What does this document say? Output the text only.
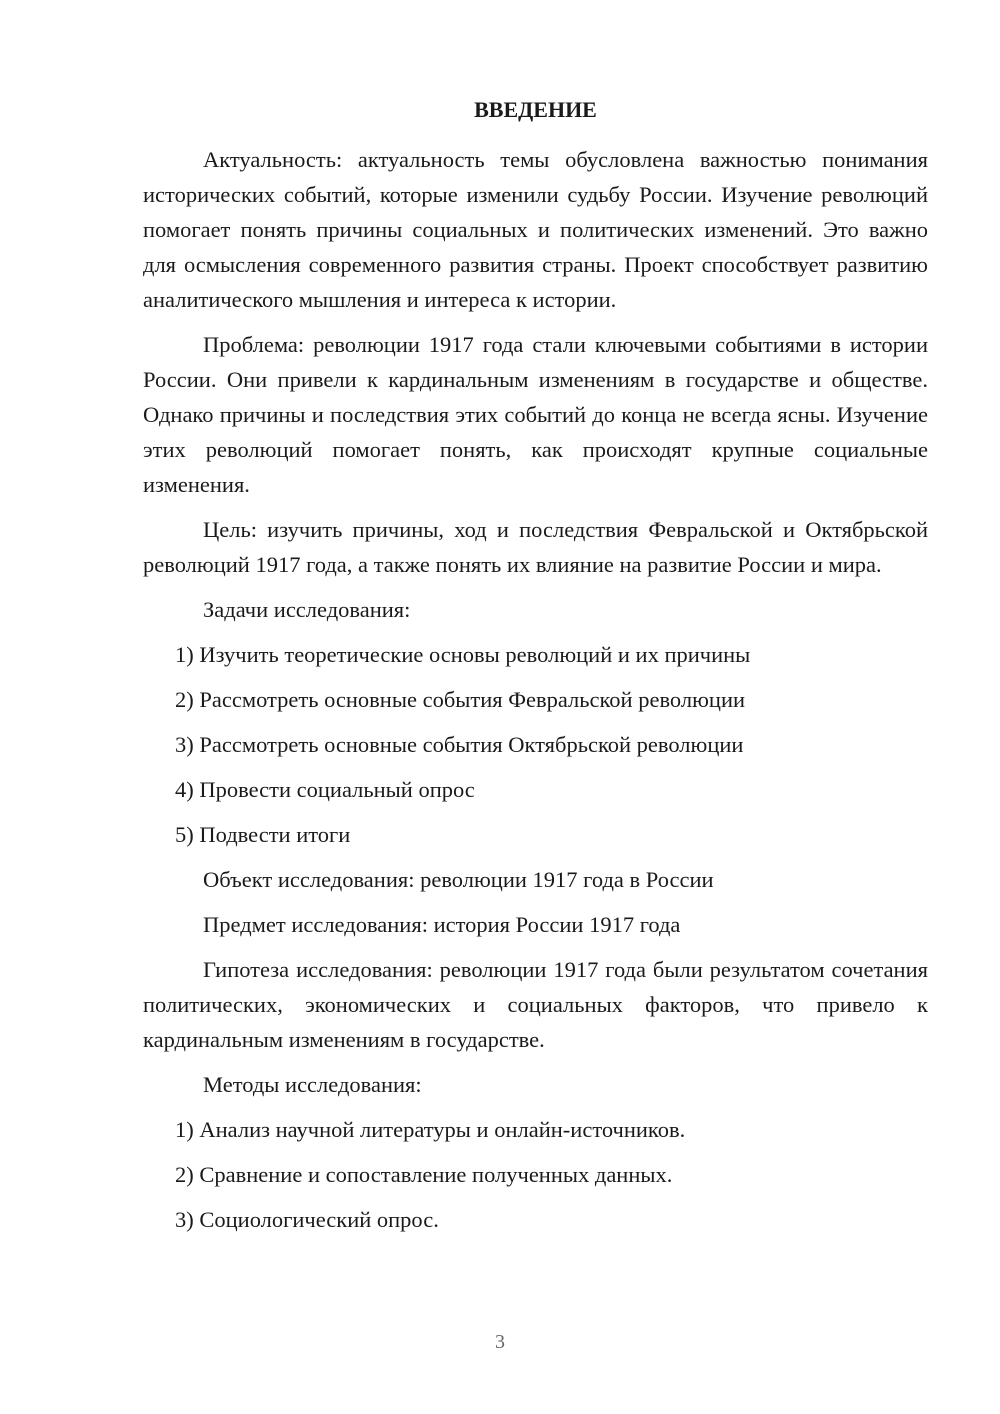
ВВЕДЕНИЕ

Актуальность: актуальность темы обусловлена важностью понимания исторических событий, которые изменили судьбу России. Изучение революций помогает понять причины социальных и политических изменений. Это важно для осмысления современного развития страны. Проект способствует развитию аналитического мышления и интереса к истории.

Проблема: революции 1917 года стали ключевыми событиями в истории России. Они привели к кардинальным изменениям в государстве и обществе. Однако причины и последствия этих событий до конца не всегда ясны. Изучение этих революций помогает понять, как происходят крупные социальные изменения.

Цель: изучить причины, ход и последствия Февральской и Октябрьской революций 1917 года, а также понять их влияние на развитие России и мира.

Задачи исследования:

1) Изучить теоретические основы революций и их причины

2) Рассмотреть основные события Февральской революции

3) Рассмотреть основные события Октябрьской революции

4) Провести социальный опрос

5) Подвести итоги

Объект исследования: революции 1917 года в России

Предмет исследования: история России 1917 года

Гипотеза исследования: революции 1917 года были результатом сочетания политических, экономических и социальных факторов, что привело к кардинальным изменениям в государстве.

Методы исследования:

1) Анализ научной литературы и онлайн-источников.

2) Сравнение и сопоставление полученных данных.

3) Социологический опрос.

3
